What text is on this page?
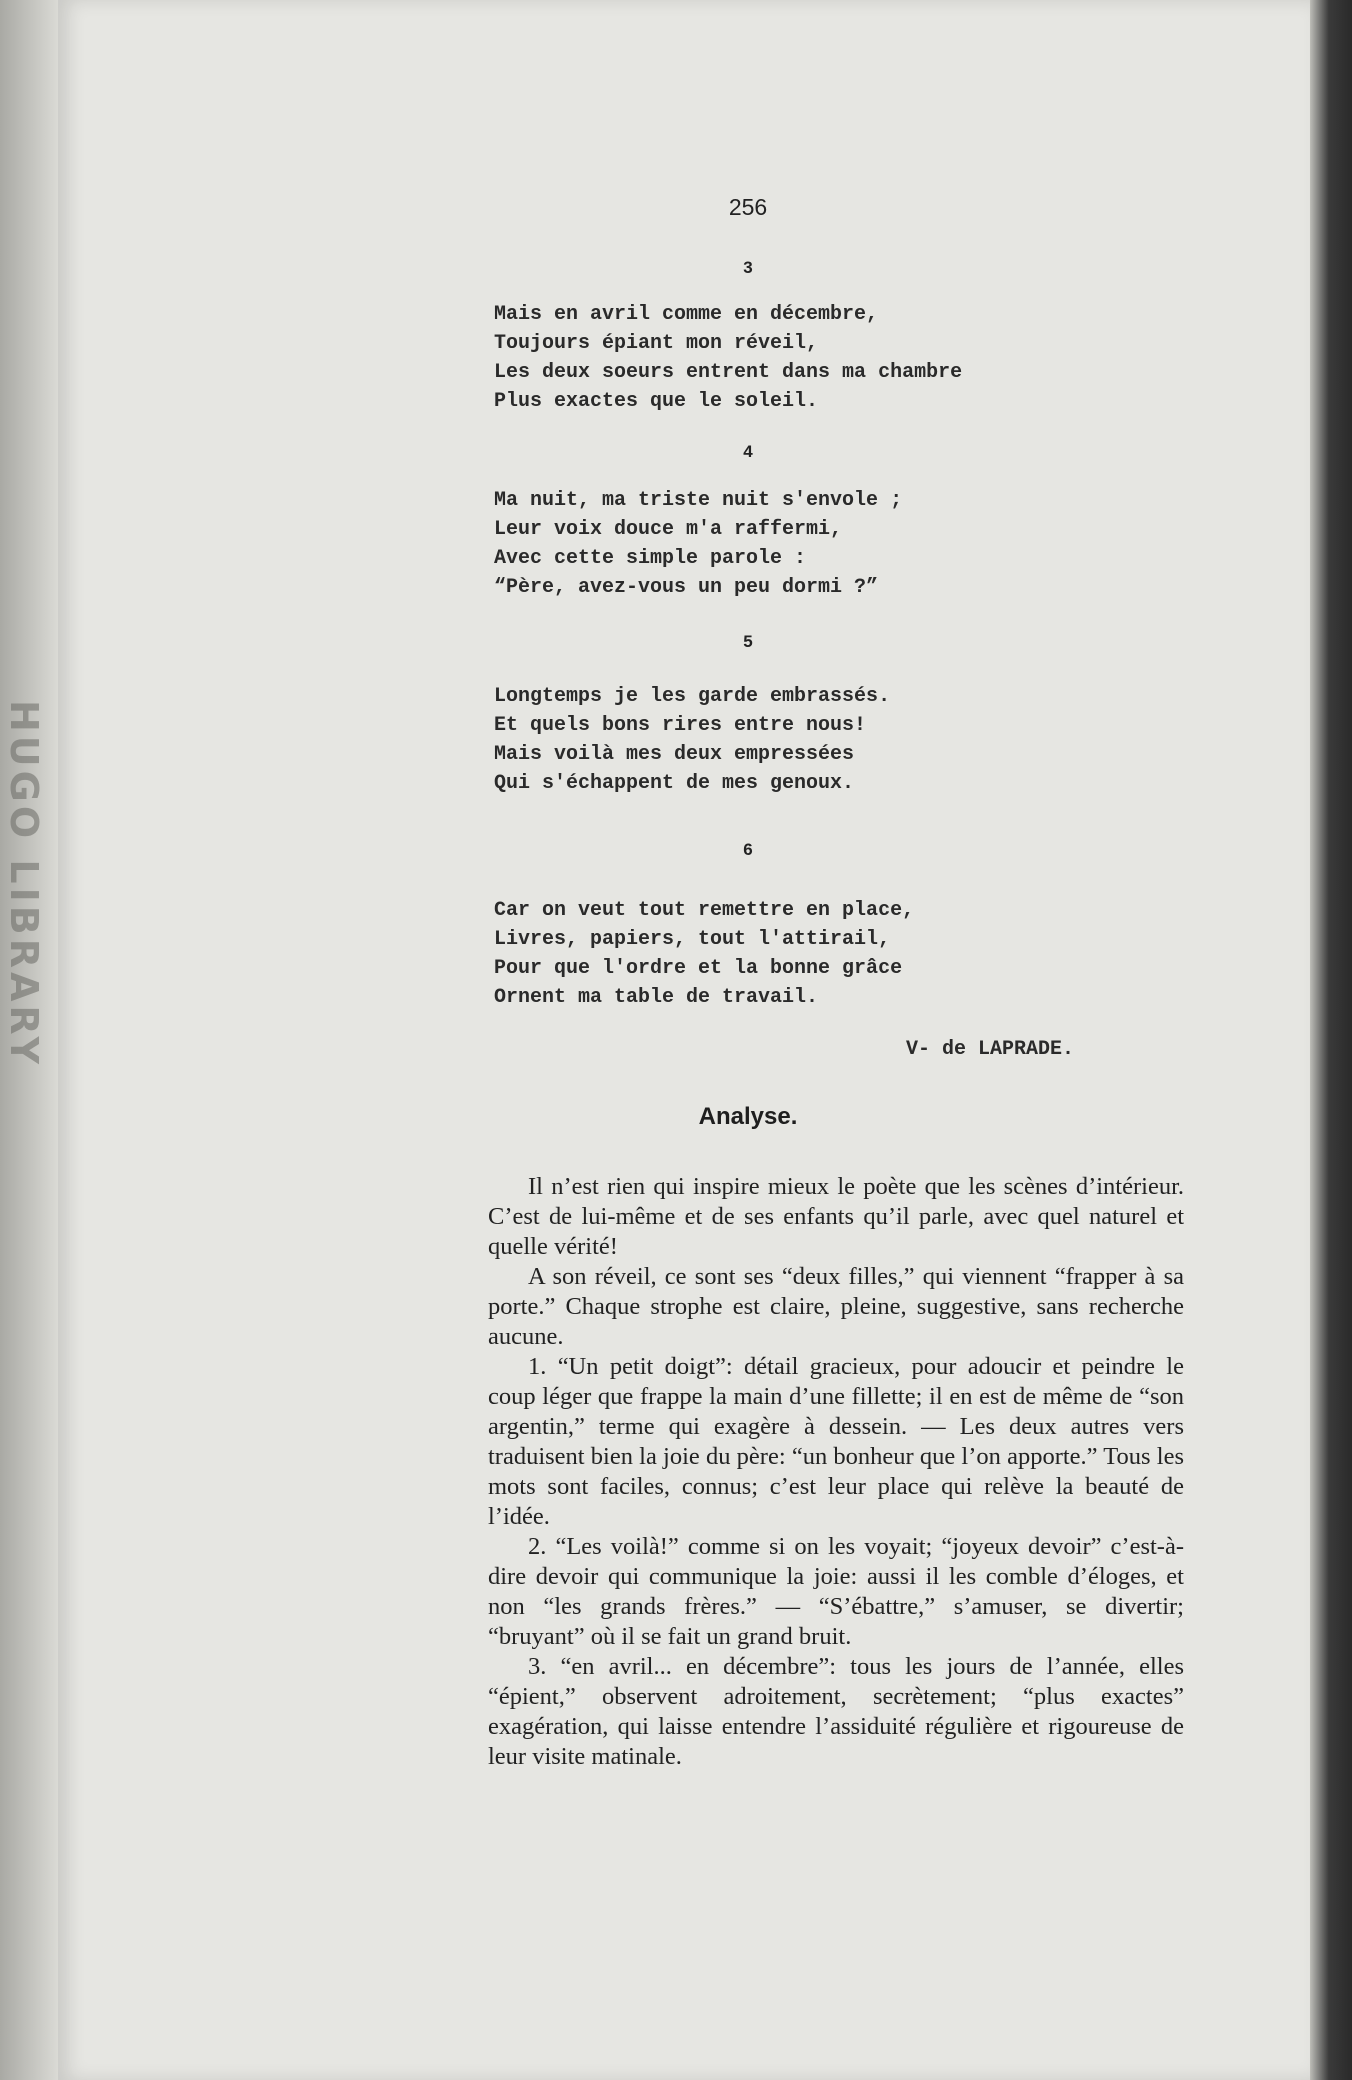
HUGO LIBRARY
256
3
Mais en avril comme en décembre,
Toujours épiant mon réveil,
Les deux soeurs entrent dans ma chambre
Plus exactes que le soleil.
4
Ma nuit, ma triste nuit s'envole ;
Leur voix douce m'a raffermi,
Avec cette simple parole :
“Père, avez-vous un peu dormi ?”
5
Longtemps je les garde embrassés.
Et quels bons rires entre nous!
Mais voilà mes deux empressées
Qui s'échappent de mes genoux.
6
Car on veut tout remettre en place,
Livres, papiers, tout l'attirail,
Pour que l'ordre et la bonne grâce
Ornent ma table de travail.
V- de LAPRADE.
Analyse.

Il n’est rien qui inspire mieux le poète que les scènes d’intérieur. C’est de lui-même et de ses enfants qu’il parle, avec quel naturel et quelle vérité!

A son réveil, ce sont ses “deux filles,” qui viennent “frapper à sa porte.” Chaque strophe est claire, pleine, suggestive, sans recherche aucune.

1. “Un petit doigt”: détail gracieux, pour adoucir et peindre le coup léger que frappe la main d’une fillette; il en est de même de “son argentin,” terme qui exagère à dessein. — Les deux autres vers traduisent bien la joie du père: “un bonheur que l’on apporte.” Tous les mots sont faciles, connus; c’est leur place qui relève la beauté de l’idée.

2. “Les voilà!” comme si on les voyait; “joyeux devoir” c’est-à-dire devoir qui communique la joie: aussi il les comble d’éloges, et non “les grands frères.” — “S’ébattre,” s’amuser, se divertir; “bruyant” où il se fait un grand bruit.

3. “en avril... en décembre”: tous les jours de l’année, elles “épient,” observent adroitement, secrètement; “plus exactes” exagération, qui laisse entendre l’assiduité régulière et rigoureuse de leur visite matinale.
